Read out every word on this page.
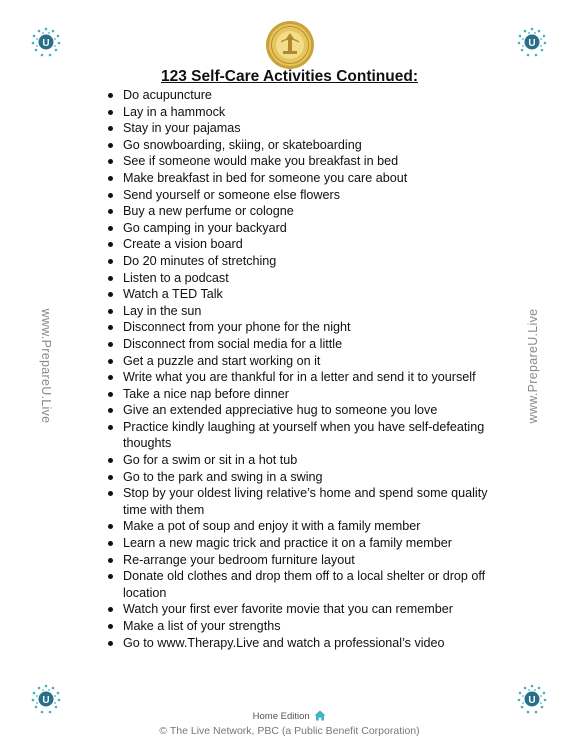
U	U
U	U
123 Self-Care Activities Continued:
www.PrepareU.Live	www.PrepareU.Live
Do acupuncture
Lay in a hammock
Stay in your pajamas
Go snowboarding, skiing, or skateboarding
See if someone would make you breakfast in bed
Make breakfast in bed for someone you care about
Send yourself or someone else flowers
Buy a new perfume or cologne
Go camping in your backyard
Create a vision board
Do 20 minutes of stretching
Listen to a podcast
Watch a TED Talk
Lay in the sun
Disconnect from your phone for the night
Disconnect from social media for a little
Get a puzzle and start working on it
Write what you are thankful for in a letter and send it to yourself
Take a nice nap before dinner
Give an extended appreciative hug to someone you love
Practice kindly laughing at yourself when you have self-defeating thoughts
Go for a swim or sit in a hot tub
Go to the park and swing in a swing
Stop by your oldest living relative’s home and spend some quality time with them
Make a pot of soup and enjoy it with a family member
Learn a new magic trick and practice it on a family member
Re-arrange your bedroom furniture layout
Donate old clothes and drop them off to a local shelter or drop off location
Watch your first ever favorite movie that you can remember
Make a list of your strengths
Go to www.Therapy.Live and watch a professional’s video
Home Edition
© The Live Network, PBC (a Public Benefit Corporation)
